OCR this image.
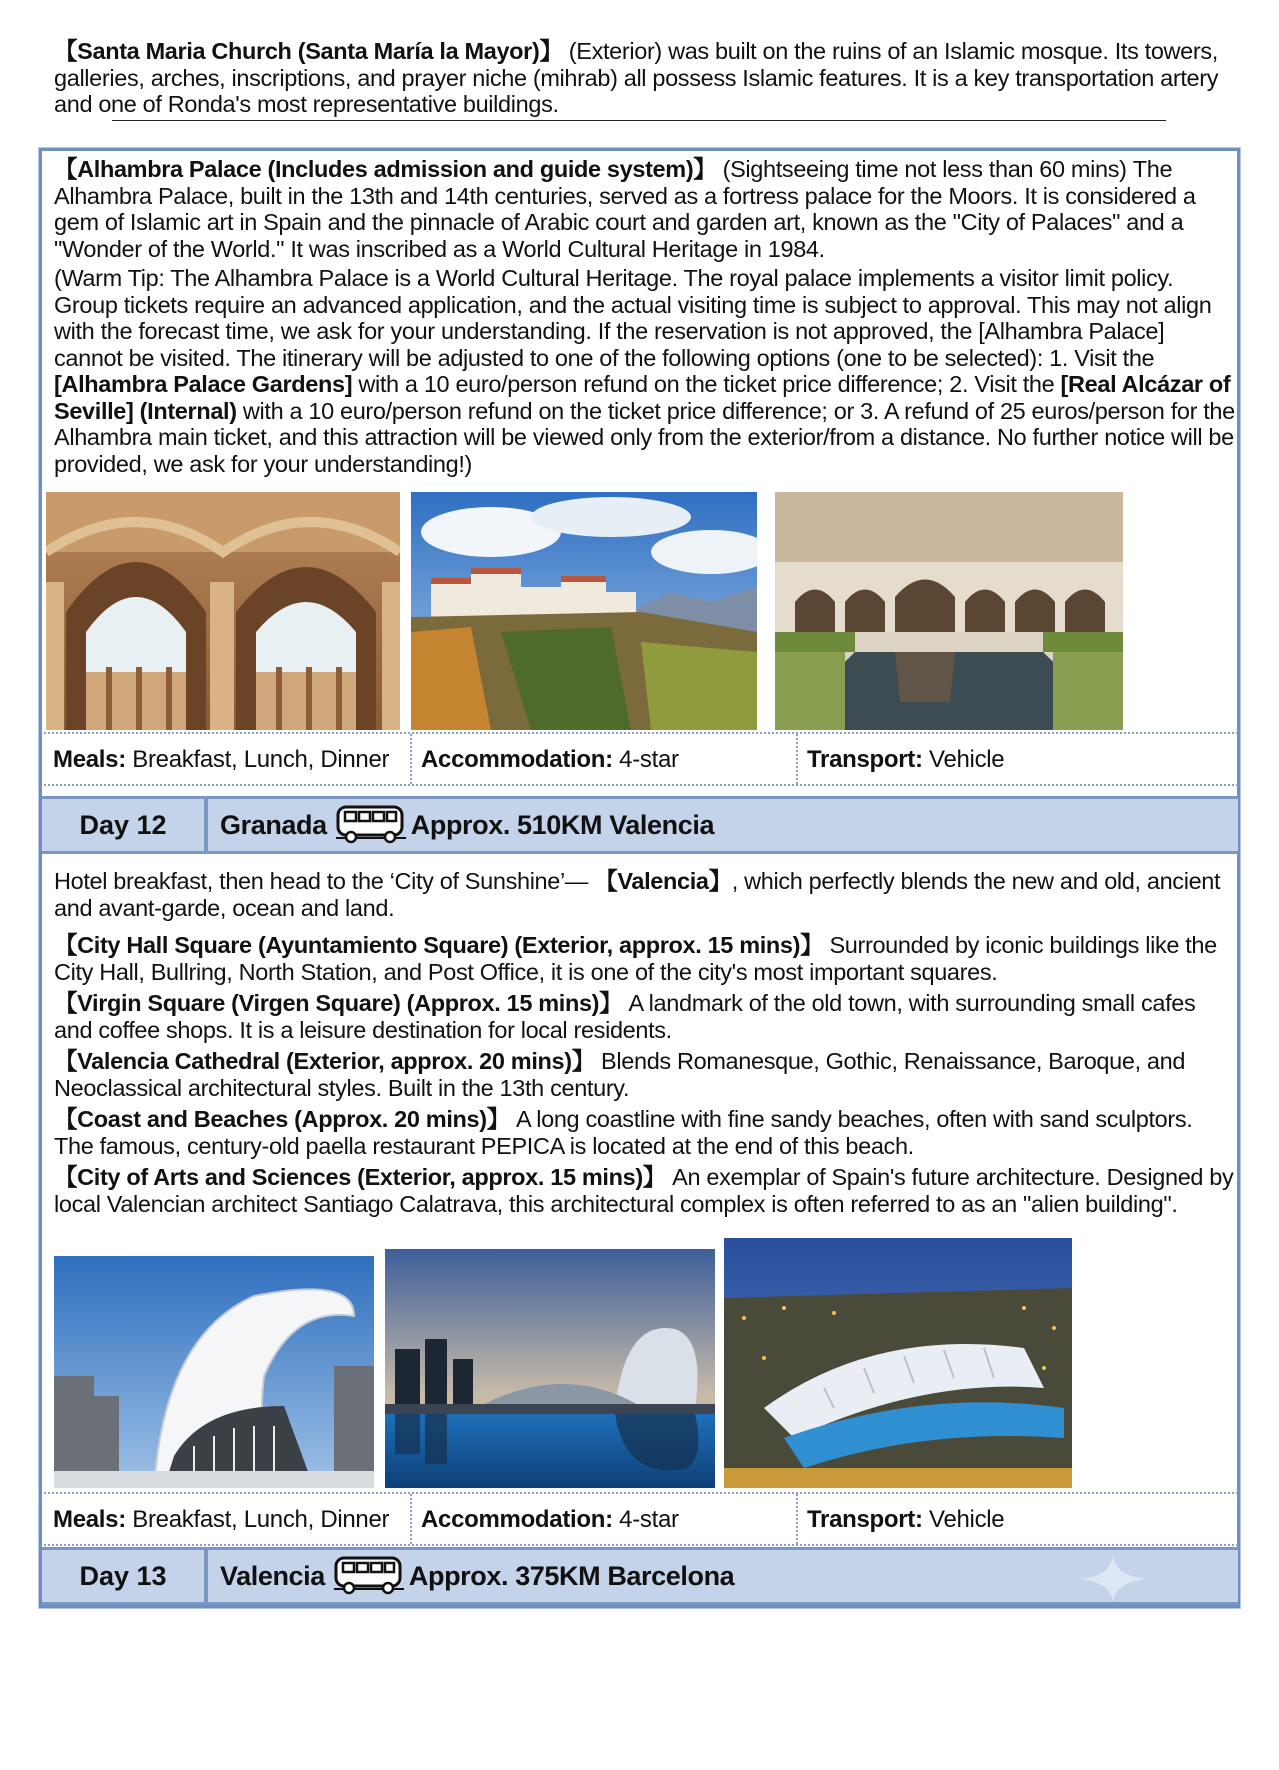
【Santa Maria Church (Santa María la Mayor)】 (Exterior) was built on the ruins of an Islamic mosque. Its towers, galleries, arches, inscriptions, and prayer niche (mihrab) all possess Islamic features. It is a key transportation artery and one of Ronda's most representative buildings.

【Alhambra Palace (Includes admission and guide system)】 (Sightseeing time not less than 60 mins) The Alhambra Palace, built in the 13th and 14th centuries, served as a fortress palace for the Moors. It is considered a gem of Islamic art in Spain and the pinnacle of Arabic court and garden art, known as the "City of Palaces" and a "Wonder of the World." It was inscribed as a World Cultural Heritage in 1984.

(Warm Tip: The Alhambra Palace is a World Cultural Heritage. The royal palace implements a visitor limit policy. Group tickets require an advanced application, and the actual visiting time is subject to approval. This may not align with the forecast time, we ask for your understanding. If the reservation is not approved, the [Alhambra Palace] cannot be visited. The itinerary will be adjusted to one of the following options (one to be selected): 1. Visit the [Alhambra Palace Gardens] with a 10 euro/person refund on the ticket price difference; 2. Visit the [Real Alcázar of Seville] (Internal) with a 10 euro/person refund on the ticket price difference; or 3. A refund of 25 euros/person for the Alhambra main ticket, and this attraction will be viewed only from the exterior/from a distance. No further notice will be provided, we ask for your understanding!)

Meals: Breakfast, Lunch, Dinner	Accommodation: 4-star	Transport: Vehicle
Day 12	Granada	Approx. 510KM Valencia

Hotel breakfast, then head to the ‘City of Sunshine’— 【Valencia】, which perfectly blends the new and old, ancient and avant-garde, ocean and land.

【City Hall Square (Ayuntamiento Square) (Exterior, approx. 15 mins)】 Surrounded by iconic buildings like the City Hall, Bullring, North Station, and Post Office, it is one of the city's most important squares.

【Virgin Square (Virgen Square) (Approx. 15 mins)】 A landmark of the old town, with surrounding small cafes and coffee shops. It is a leisure destination for local residents.

【Valencia Cathedral (Exterior, approx. 20 mins)】 Blends Romanesque, Gothic, Renaissance, Baroque, and Neoclassical architectural styles. Built in the 13th century.

【Coast and Beaches (Approx. 20 mins)】 A long coastline with fine sandy beaches, often with sand sculptors. The famous, century-old paella restaurant PEPICA is located at the end of this beach.

【City of Arts and Sciences (Exterior, approx. 15 mins)】 An exemplar of Spain's future architecture. Designed by local Valencian architect Santiago Calatrava, this architectural complex is often referred to as an "alien building".

Meals: Breakfast, Lunch, Dinner	Accommodation: 4-star	Transport: Vehicle
Day 13	Valencia	Approx. 375KM Barcelona
